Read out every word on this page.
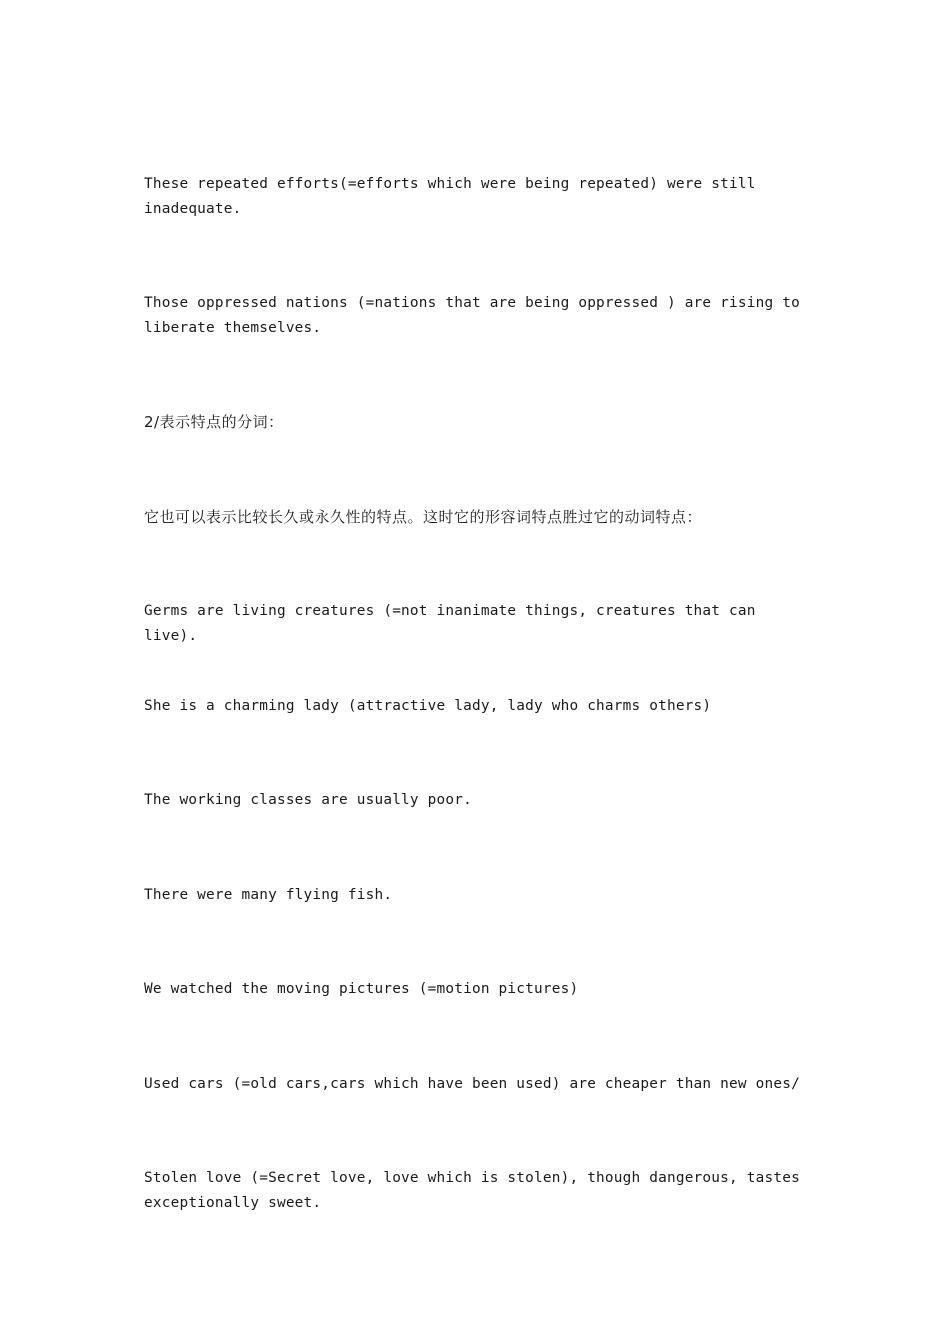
These repeated efforts(=efforts which were being repeated) were still inadequate.

Those oppressed nations (=nations that are being oppressed ) are rising to liberate themselves.

2/表示特点的分词：

它也可以表示比较长久或永久性的特点。这时它的形容词特点胜过它的动词特点：

Germs are living creatures (=not inanimate things, creatures that can live).

She is a charming lady (attractive lady, lady who charms others)

The working classes are usually poor.

There were many flying fish.

We watched the moving pictures (=motion pictures)

Used cars (=old cars,cars which have been used) are cheaper than new ones/

Stolen love (=Secret love, love which is stolen), though dangerous, tastes exceptionally sweet.
